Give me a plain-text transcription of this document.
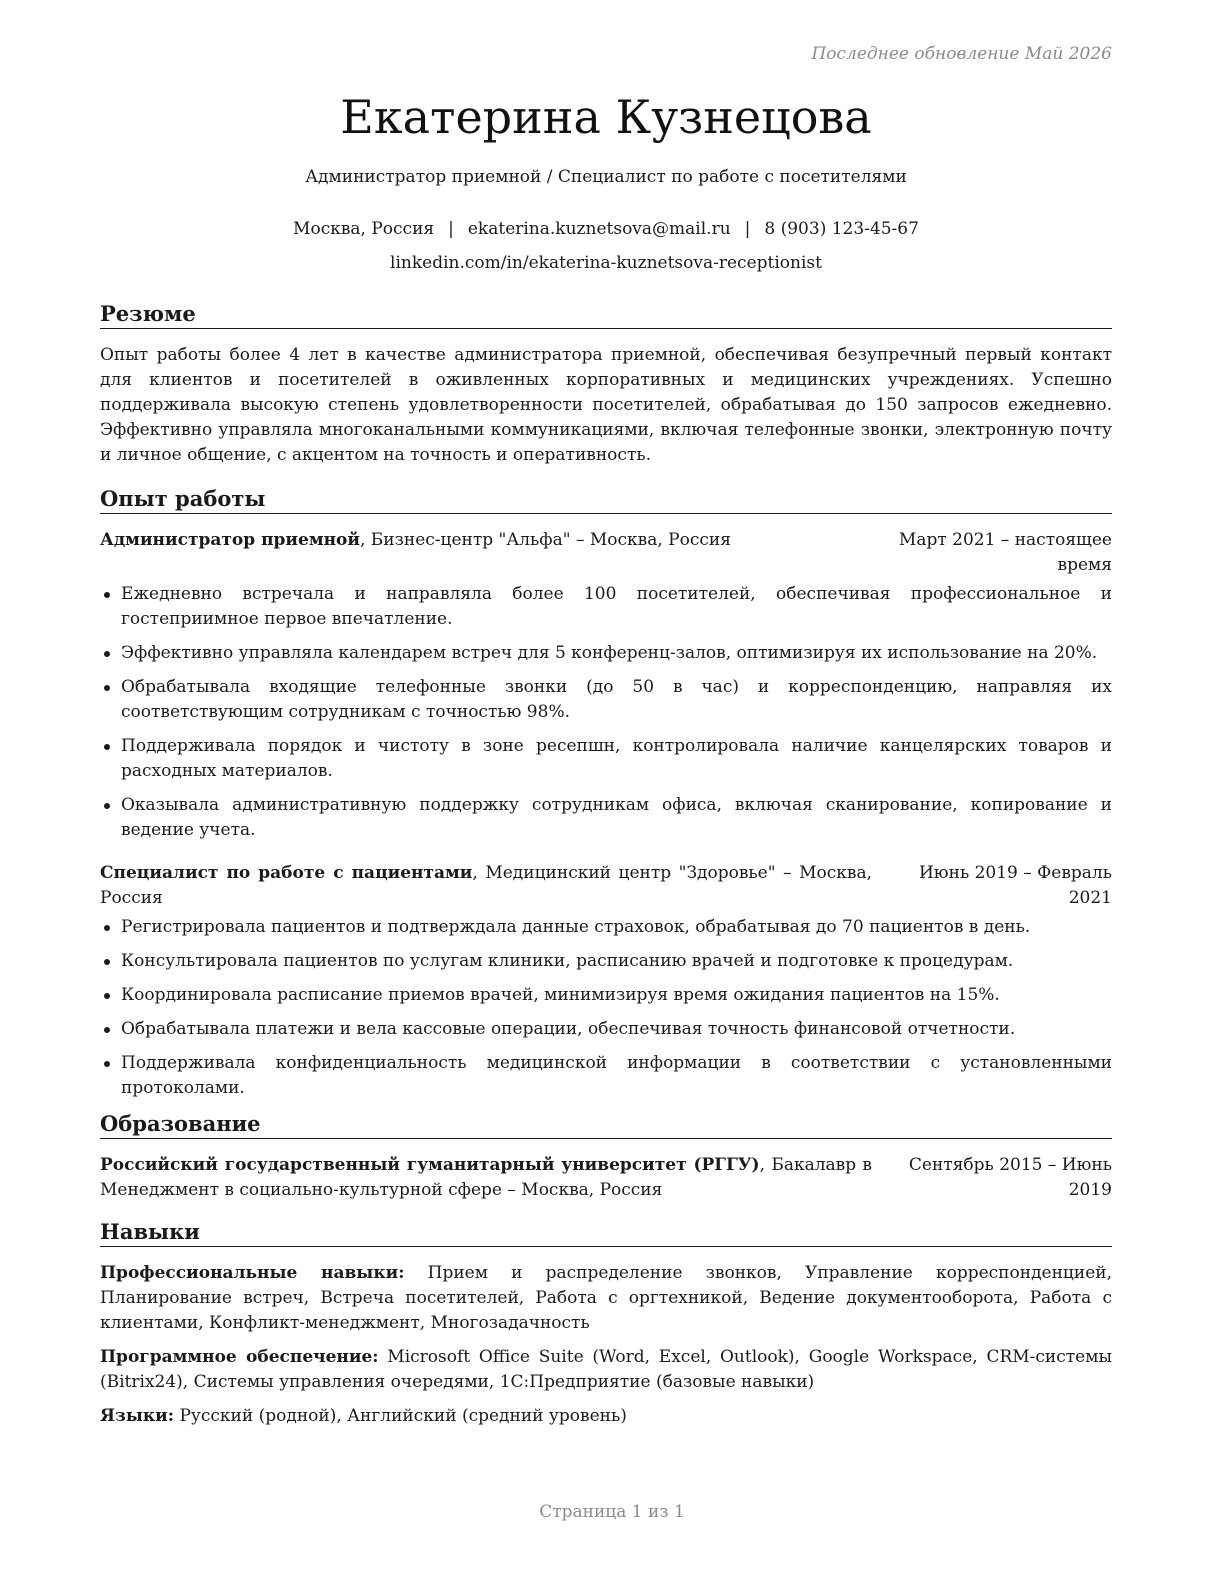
Последнее обновление Май 2026
Екатерина Кузнецова
Администратор приемной / Специалист по работе с посетителями
Москва, Россия | ekaterina.kuznetsova@mail.ru | 8 (903) 123-45-67
linkedin.com/in/ekaterina-kuznetsova-receptionist
Резюме
Опыт работы более 4 лет в качестве администратора приемной, обеспечивая безупречный первый контакт для клиентов и посетителей в оживленных корпоративных и медицинских учреждениях. Успешно поддерживала высокую степень удовлетворенности посетителей, обрабатывая до 150 запросов ежедневно. Эффективно управляла многоканальными коммуникациями, включая телефонные звонки, электронную почту и личное общение, с акцентом на точность и оперативность.
Опыт работы
Администратор приемной, Бизнес-центр "Альфа" – Москва, Россия	Март 2021 – настоящее время
Ежедневно встречала и направляла более 100 посетителей, обеспечивая профессиональное и гостеприимное первое впечатление.
Эффективно управляла календарем встреч для 5 конференц-залов, оптимизируя их использование на 20%.
Обрабатывала входящие телефонные звонки (до 50 в час) и корреспонденцию, направляя их соответствующим сотрудникам с точностью 98%.
Поддерживала порядок и чистоту в зоне ресепшн, контролировала наличие канцелярских товаров и расходных материалов.
Оказывала административную поддержку сотрудникам офиса, включая сканирование, копирование и ведение учета.
Специалист по работе с пациентами, Медицинский центр "Здоровье" – Москва, Россия
Июнь 2019 – Февраль 2021
Регистрировала пациентов и подтверждала данные страховок, обрабатывая до 70 пациентов в день.
Консультировала пациентов по услугам клиники, расписанию врачей и подготовке к процедурам.
Координировала расписание приемов врачей, минимизируя время ожидания пациентов на 15%.
Обрабатывала платежи и вела кассовые операции, обеспечивая точность финансовой отчетности.
Поддерживала конфиденциальность медицинской информации в соответствии с установленными протоколами.
Образование
Российский государственный гуманитарный университет (РГГУ), Бакалавр в Менеджмент в социально-культурной сфере – Москва, Россия
Сентябрь 2015 – Июнь 2019
Навыки
Профессиональные навыки: Прием и распределение звонков, Управление корреспонденцией, Планирование встреч, Встреча посетителей, Работа с оргтехникой, Ведение документооборота, Работа с клиентами, Конфликт-менеджмент, Многозадачность
Программное обеспечение: Microsoft Office Suite (Word, Excel, Outlook), Google Workspace, CRM-системы (Bitrix24), Системы управления очередями, 1С:Предприятие (базовые навыки)
Языки: Русский (родной), Английский (средний уровень)
Страница 1 из 1
